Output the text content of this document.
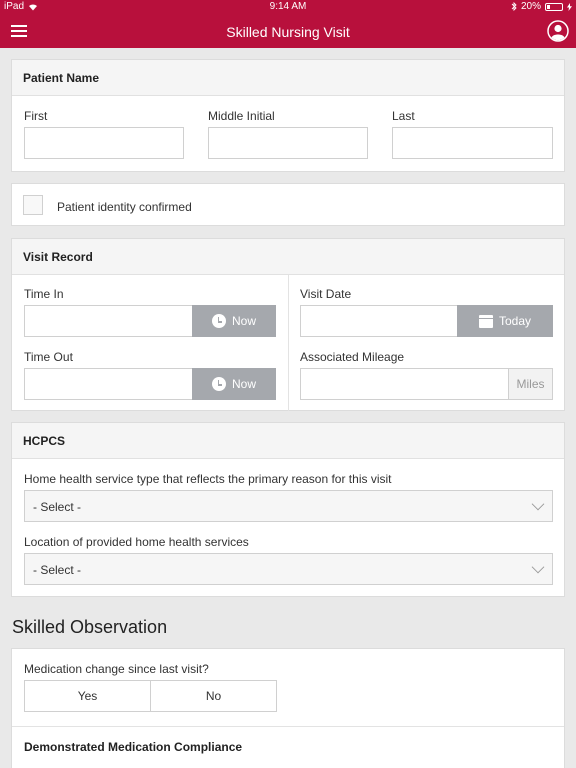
iPad	9:14 AM	20%
Skilled Nursing Visit
Patient Name
First	Middle Initial	Last
Patient identity confirmed
Visit Record
Time In
Now
Time Out
Now
Visit Date
Today
Associated Mileage
Miles
HCPCS
Home health service type that reflects the primary reason for this visit
- Select -
Location of provided home health services
- Select -
Skilled Observation
Medication change since last visit?
Yes	No
Demonstrated Medication Compliance
